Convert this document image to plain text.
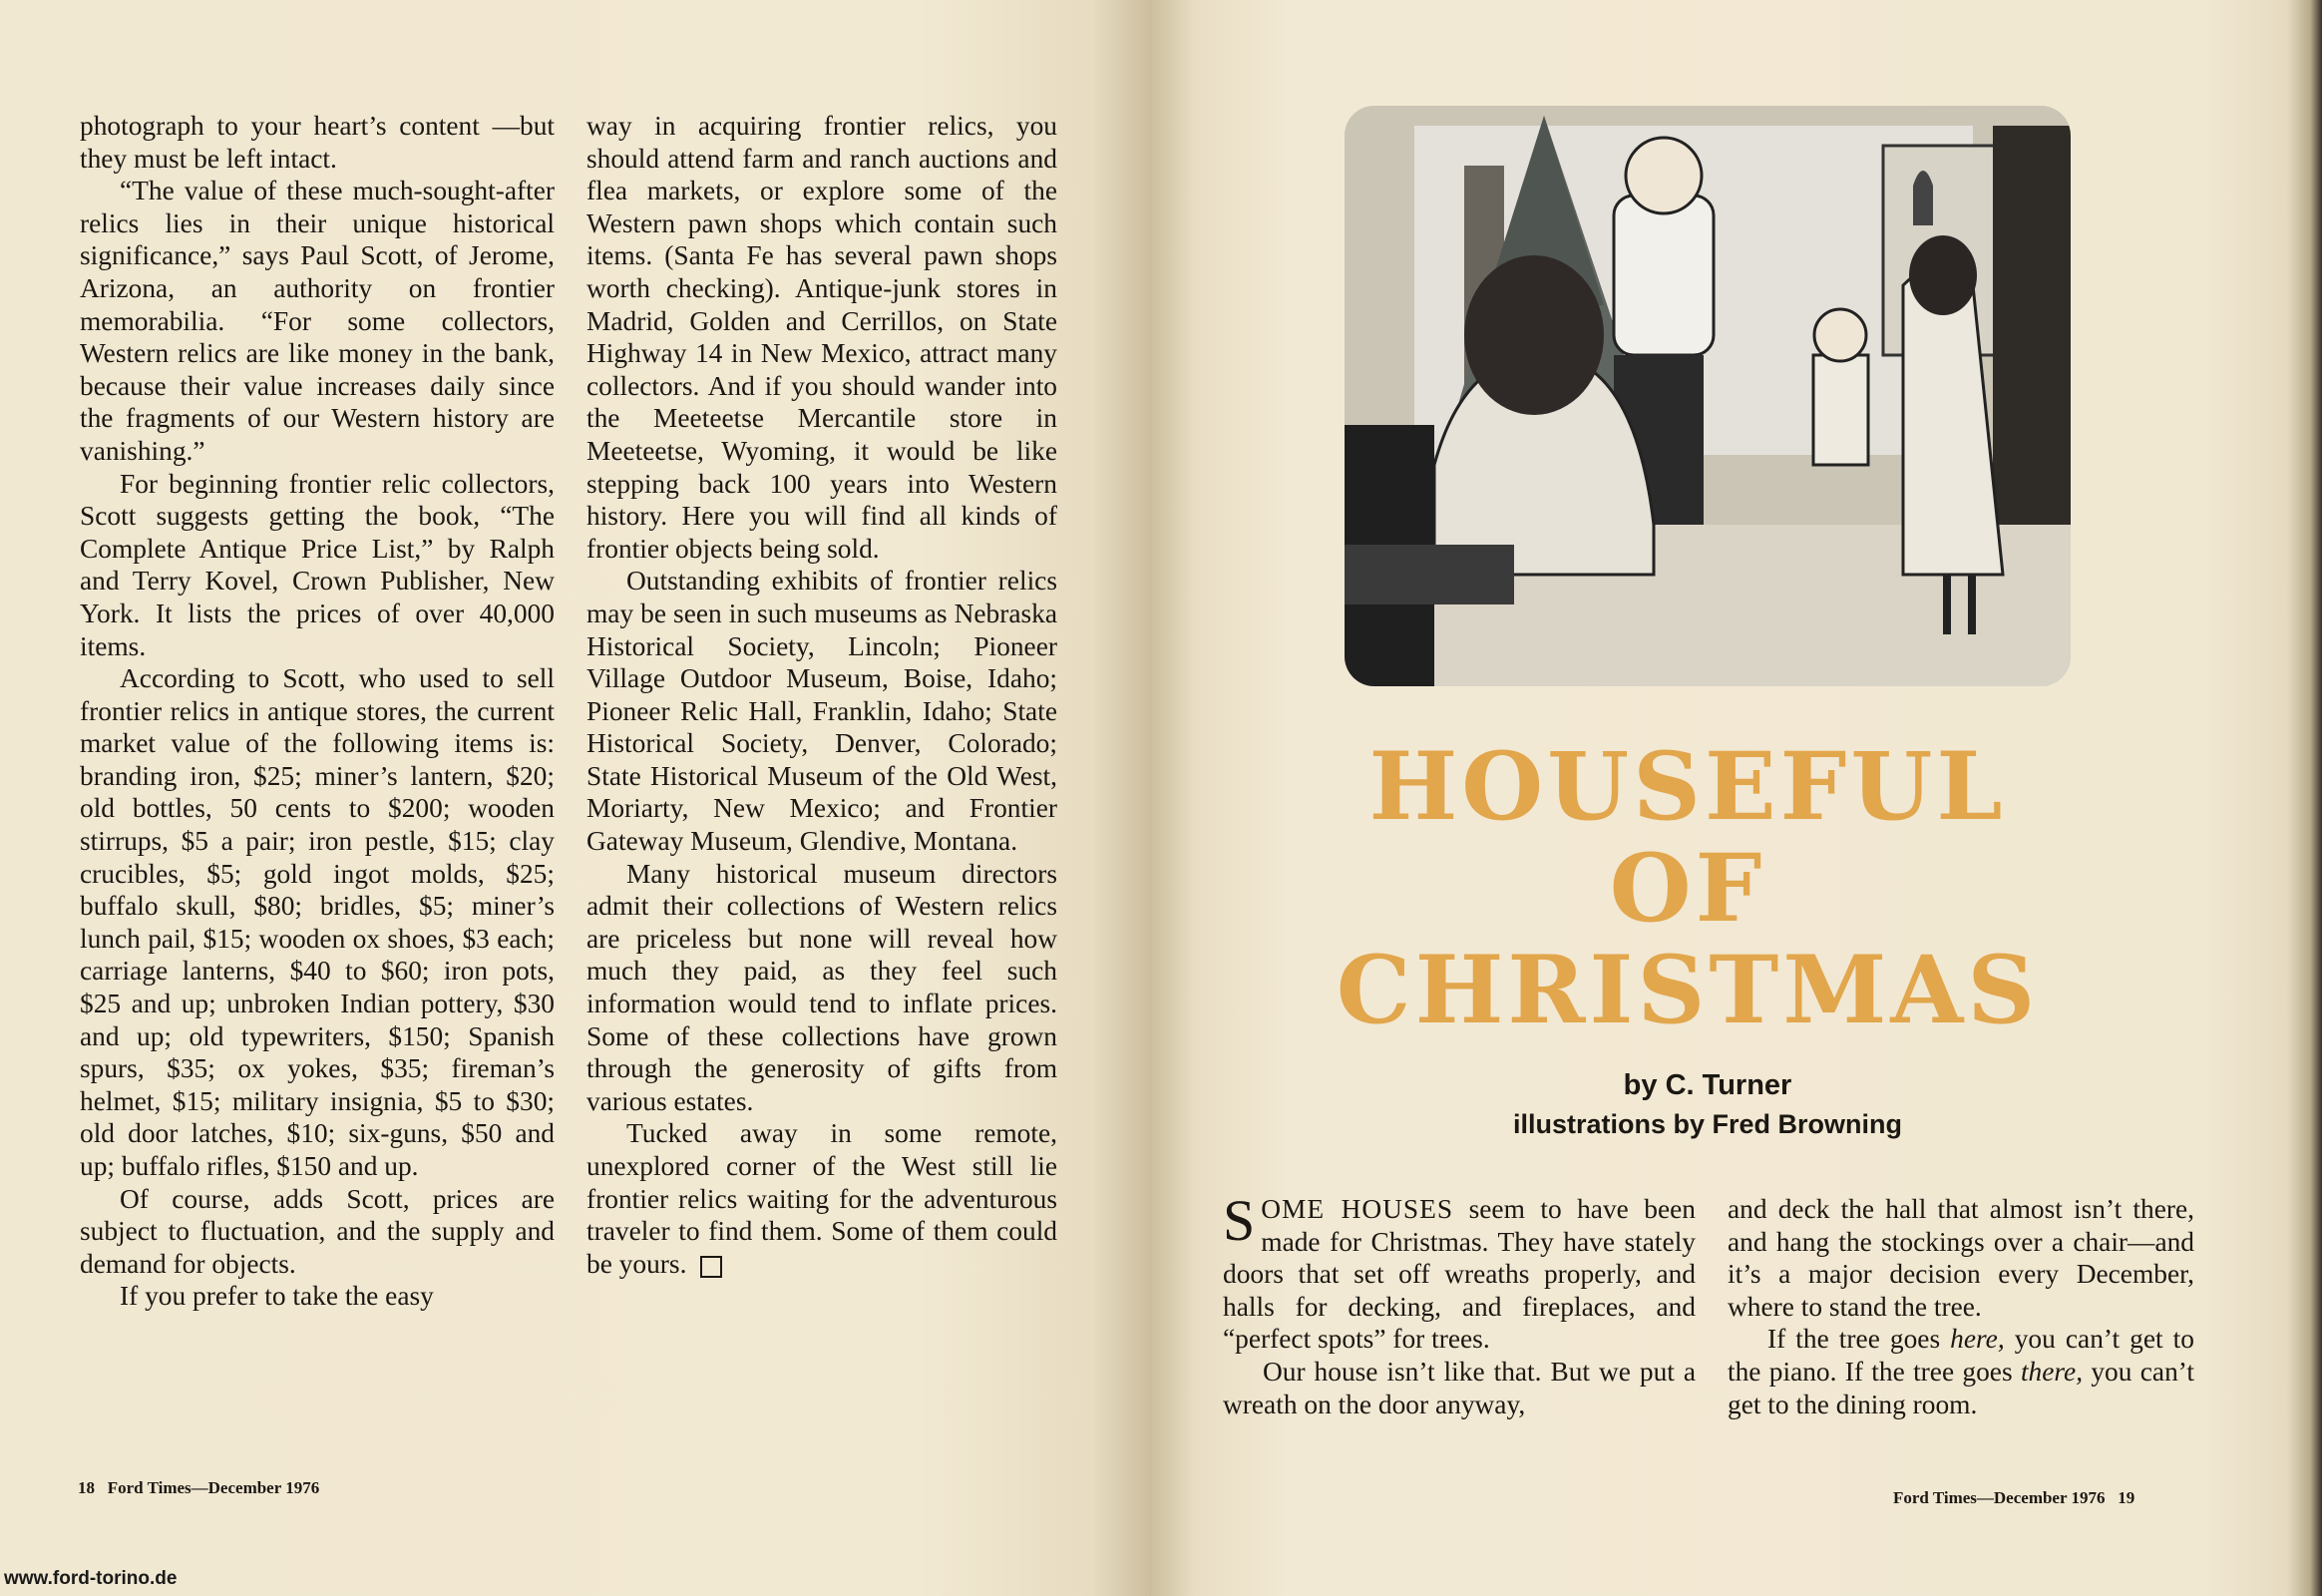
photograph to your heart’s content —but they must be left intact.

“The value of these much-sought-after relics lies in their unique historical significance,” says Paul Scott, of Jerome, Arizona, an authority on frontier memorabilia. “For some collectors, Western relics are like money in the bank, because their value increases daily since the fragments of our Western history are vanishing.”

For beginning frontier relic collectors, Scott suggests getting the book, “The Complete Antique Price List,” by Ralph and Terry Kovel, Crown Publisher, New York. It lists the prices of over 40,000 items.

According to Scott, who used to sell frontier relics in antique stores, the current market value of the following items is: branding iron, $25; miner’s lantern, $20; old bottles, 50 cents to $200; wooden stirrups, $5 a pair; iron pestle, $15; clay crucibles, $5; gold ingot molds, $25; buffalo skull, $80; bridles, $5; miner’s lunch pail, $15; wooden ox shoes, $3 each; carriage lanterns, $40 to $60; iron pots, $25 and up; unbroken Indian pottery, $30 and up; old typewriters, $150; Spanish spurs, $35; ox yokes, $35; fireman’s helmet, $15; military insignia, $5 to $30; old door latches, $10; six-guns, $50 and up; buffalo rifles, $150 and up.

Of course, adds Scott, prices are subject to fluctuation, and the supply and demand for objects.

If you prefer to take the easy

way in acquiring frontier relics, you should attend farm and ranch auctions and flea markets, or explore some of the Western pawn shops which contain such items. (Santa Fe has several pawn shops worth checking). Antique-junk stores in Madrid, Golden and Cerrillos, on State Highway 14 in New Mexico, attract many collectors. And if you should wander into the Meeteetse Mercantile store in Meeteetse, Wyoming, it would be like stepping back 100 years into Western history. Here you will find all kinds of frontier objects being sold.

Outstanding exhibits of frontier relics may be seen in such museums as Nebraska Historical Society, Lincoln; Pioneer Village Outdoor Museum, Boise, Idaho; Pioneer Relic Hall, Franklin, Idaho; State Historical Society, Denver, Colorado; State Historical Museum of the Old West, Moriarty, New Mexico; and Frontier Gateway Museum, Glendive, Montana.

Many historical museum directors admit their collections of Western relics are priceless but none will reveal how much they paid, as they feel such information would tend to inflate prices. Some of these collections have grown through the generosity of gifts from various estates.

Tucked away in some remote, unexplored corner of the West still lie frontier relics waiting for the adventurous traveler to find them. Some of them could be yours.

18 Ford Times—December 1976
www.ford-torino.de
HOUSEFUL
OF
CHRISTMAS
by C. Turner
illustrations by Fred Browning

SOME HOUSES seem to have been made for Christmas. They have stately doors that set off wreaths properly, and halls for decking, and fireplaces, and “perfect spots” for trees.

Our house isn’t like that. But we put a wreath on the door anyway,

and deck the hall that almost isn’t there, and hang the stockings over a chair—and it’s a major decision every December, where to stand the tree.

If the tree goes here, you can’t get to the piano. If the tree goes there, you can’t get to the dining room.

Ford Times—December 1976 19
